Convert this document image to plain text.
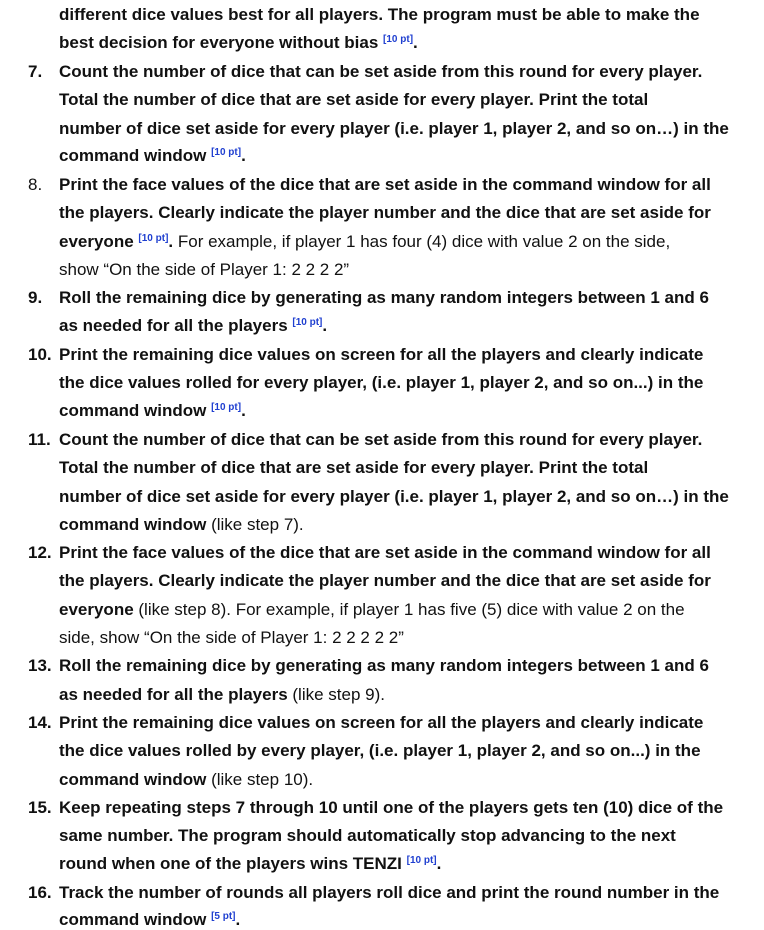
different dice values best for all players. The program must be able to make the
best decision for everyone without bias [10 pt].
7. Count the number of dice that can be set aside from this round for every player.
Total the number of dice that are set aside for every player. Print the total
number of dice set aside for every player (i.e. player 1, player 2, and so on…) in the
command window [10 pt].
8. Print the face values of the dice that are set aside in the command window for all
the players. Clearly indicate the player number and the dice that are set aside for
everyone [10 pt]. For example, if player 1 has four (4) dice with value 2 on the side,
show “On the side of Player 1: 2 2 2 2”
9. Roll the remaining dice by generating as many random integers between 1 and 6
as needed for all the players [10 pt].
10. Print the remaining dice values on screen for all the players and clearly indicate
the dice values rolled for every player, (i.e. player 1, player 2, and so on...) in the
command window [10 pt].
11. Count the number of dice that can be set aside from this round for every player.
Total the number of dice that are set aside for every player. Print the total
number of dice set aside for every player (i.e. player 1, player 2, and so on…) in the
command window (like step 7).
12. Print the face values of the dice that are set aside in the command window for all
the players. Clearly indicate the player number and the dice that are set aside for
everyone (like step 8). For example, if player 1 has five (5) dice with value 2 on the
side, show “On the side of Player 1: 2 2 2 2 2”
13. Roll the remaining dice by generating as many random integers between 1 and 6
as needed for all the players (like step 9).
14. Print the remaining dice values on screen for all the players and clearly indicate
the dice values rolled by every player, (i.e. player 1, player 2, and so on...) in the
command window (like step 10).
15. Keep repeating steps 7 through 10 until one of the players gets ten (10) dice of the
same number. The program should automatically stop advancing to the next
round when one of the players wins TENZI [10 pt].
16. Track the number of rounds all players roll dice and print the round number in the
command window [5 pt].
